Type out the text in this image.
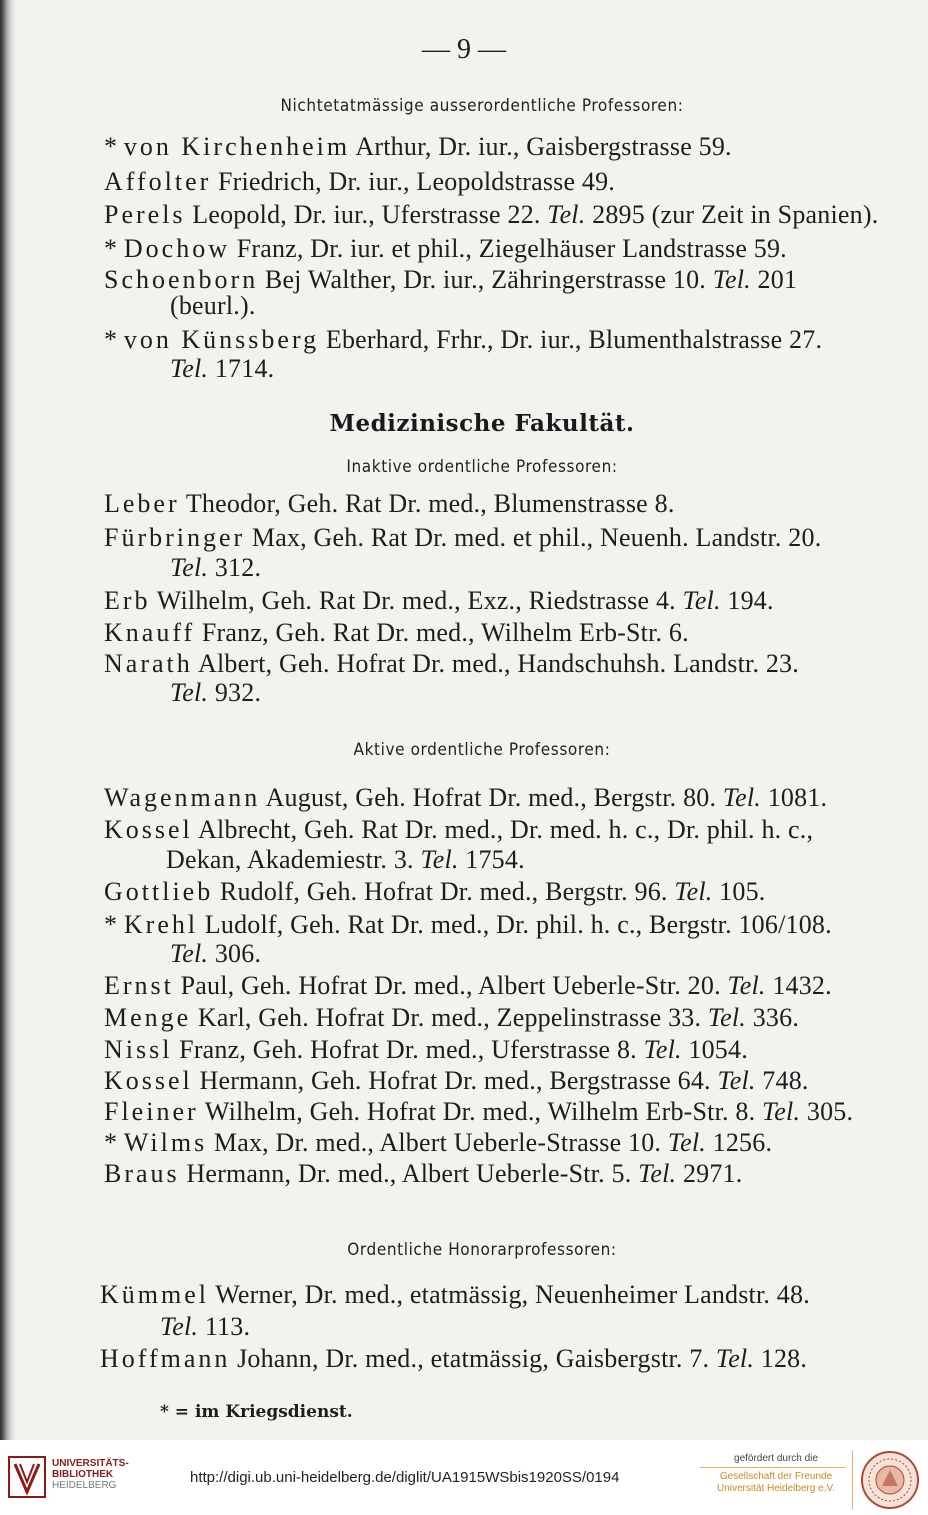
— 9 —
Nichtetatmässige ausserordentliche Professoren:
* von Kirchenheim Arthur, Dr. iur., Gaisbergstrasse 59.
Affolter Friedrich, Dr. iur., Leopoldstrasse 49.
Perels Leopold, Dr. iur., Uferstrasse 22. Tel. 2895 (zur Zeit in Spanien).
* Dochow Franz, Dr. iur. et phil., Ziegelhäuser Landstrasse 59.
Schoenborn Bej Walther, Dr. iur., Zähringerstrasse 10. Tel. 201
(beurl.).
* von Künssberg Eberhard, Frhr., Dr. iur., Blumenthalstrasse 27.
Tel. 1714.
Medizinische Fakultät.
Inaktive ordentliche Professoren:
Leber Theodor, Geh. Rat Dr. med., Blumenstrasse 8.
Fürbringer Max, Geh. Rat Dr. med. et phil., Neuenh. Landstr. 20.
Tel. 312.
Erb Wilhelm, Geh. Rat Dr. med., Exz., Riedstrasse 4. Tel. 194.
Knauff Franz, Geh. Rat Dr. med., Wilhelm Erb-Str. 6.
Narath Albert, Geh. Hofrat Dr. med., Handschuhsh. Landstr. 23.
Tel. 932.
Aktive ordentliche Professoren:
Wagenmann August, Geh. Hofrat Dr. med., Bergstr. 80. Tel. 1081.
Kossel Albrecht, Geh. Rat Dr. med., Dr. med. h. c., Dr. phil. h. c.,
Dekan, Akademiestr. 3. Tel. 1754.
Gottlieb Rudolf, Geh. Hofrat Dr. med., Bergstr. 96. Tel. 105.
* Krehl Ludolf, Geh. Rat Dr. med., Dr. phil. h. c., Bergstr. 106/108.
Tel. 306.
Ernst Paul, Geh. Hofrat Dr. med., Albert Ueberle-Str. 20. Tel. 1432.
Menge Karl, Geh. Hofrat Dr. med., Zeppelinstrasse 33. Tel. 336.
Nissl Franz, Geh. Hofrat Dr. med., Uferstrasse 8. Tel. 1054.
Kossel Hermann, Geh. Hofrat Dr. med., Bergstrasse 64. Tel. 748.
Fleiner Wilhelm, Geh. Hofrat Dr. med., Wilhelm Erb-Str. 8. Tel. 305.
* Wilms Max, Dr. med., Albert Ueberle-Strasse 10. Tel. 1256.
Braus Hermann, Dr. med., Albert Ueberle-Str. 5. Tel. 2971.
Ordentliche Honorarprofessoren:
Kümmel Werner, Dr. med., etatmässig, Neuenheimer Landstr. 48.
Tel. 113.
Hoffmann Johann, Dr. med., etatmässig, Gaisbergstr. 7. Tel. 128.
* = im Kriegsdienst.
UNIVERSITÄTS-
BIBLIOTHEK
HEIDELBERG	http://digi.ub.uni-heidelberg.de/diglit/UA1915WSbis1920SS/0194
gefördert durch die
Gesellschaft der Freunde
Universität Heidelberg e.V.
